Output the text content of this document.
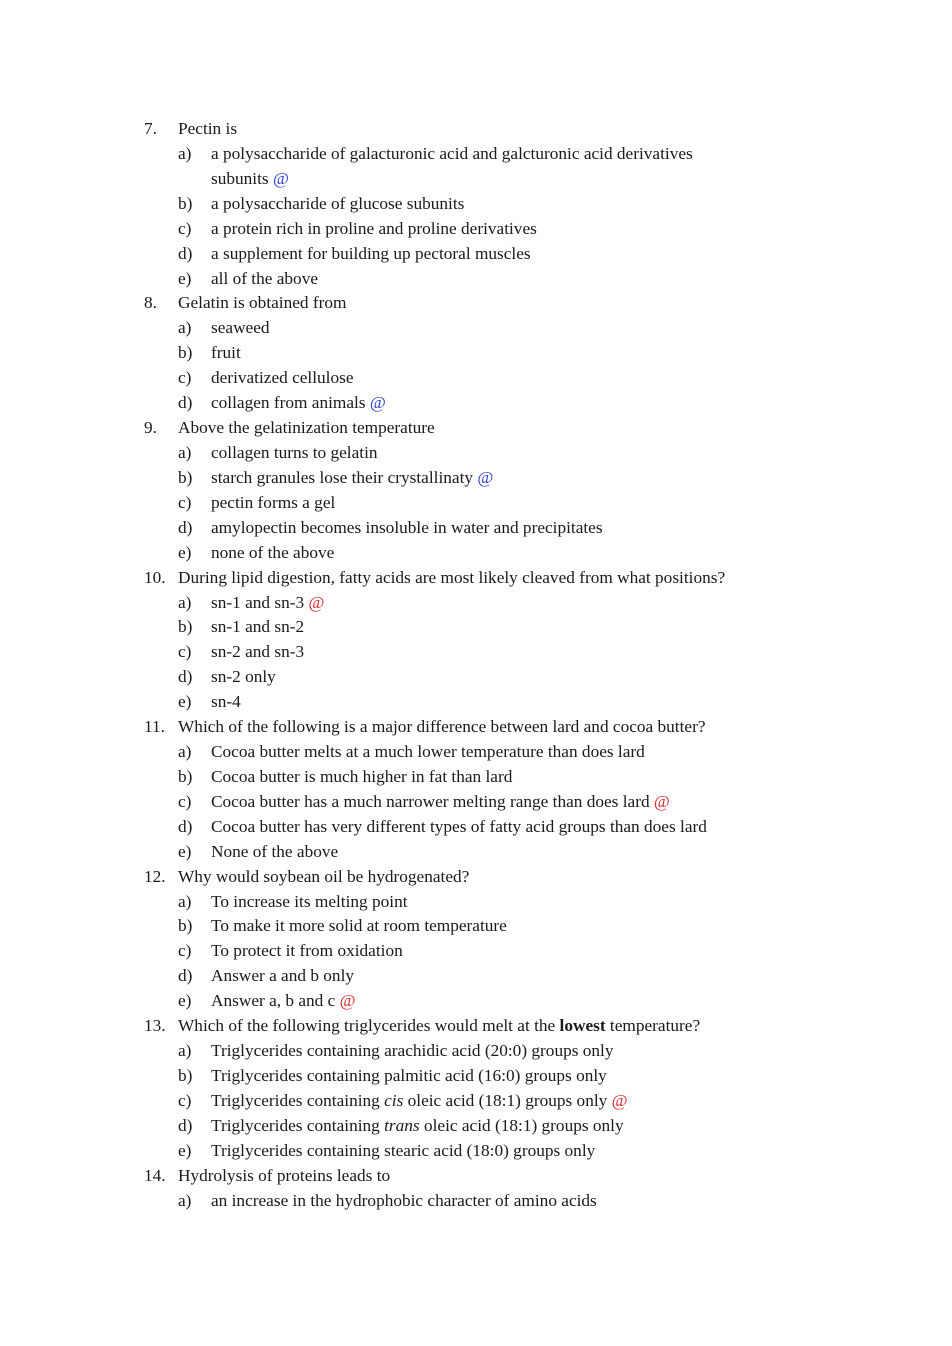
7. Pectin is
a) a polysaccharide of galacturonic acid and galcturonic acid derivatives
subunits @
b) a polysaccharide of glucose subunits
c) a protein rich in proline and proline derivatives
d) a supplement for building up pectoral muscles
e) all of the above
8. Gelatin is obtained from
a) seaweed
b) fruit
c) derivatized cellulose
d) collagen from animals @
9. Above the gelatinization temperature
a) collagen turns to gelatin
b) starch granules lose their crystallinaty @
c) pectin forms a gel
d) amylopectin becomes insoluble in water and precipitates
e) none of the above
10. During lipid digestion, fatty acids are most likely cleaved from what positions?
a) sn-1 and sn-3 @
b) sn-1 and sn-2
c) sn-2 and sn-3
d) sn-2 only
e) sn-4
11. Which of the following is a major difference between lard and cocoa butter?
a) Cocoa butter melts at a much lower temperature than does lard
b) Cocoa butter is much higher in fat than lard
c) Cocoa butter has a much narrower melting range than does lard @
d) Cocoa butter has very different types of fatty acid groups than does lard
e) None of the above
12. Why would soybean oil be hydrogenated?
a) To increase its melting point
b) To make it more solid at room temperature
c) To protect it from oxidation
d) Answer a and b only
e) Answer a, b and c @
13. Which of the following triglycerides would melt at the lowest temperature?
a) Triglycerides containing arachidic acid (20:0) groups only
b) Triglycerides containing palmitic acid (16:0) groups only
c) Triglycerides containing cis oleic acid (18:1) groups only @
d) Triglycerides containing trans oleic acid (18:1) groups only
e) Triglycerides containing stearic acid (18:0) groups only
14. Hydrolysis of proteins leads to
a) an increase in the hydrophobic character of amino acids
